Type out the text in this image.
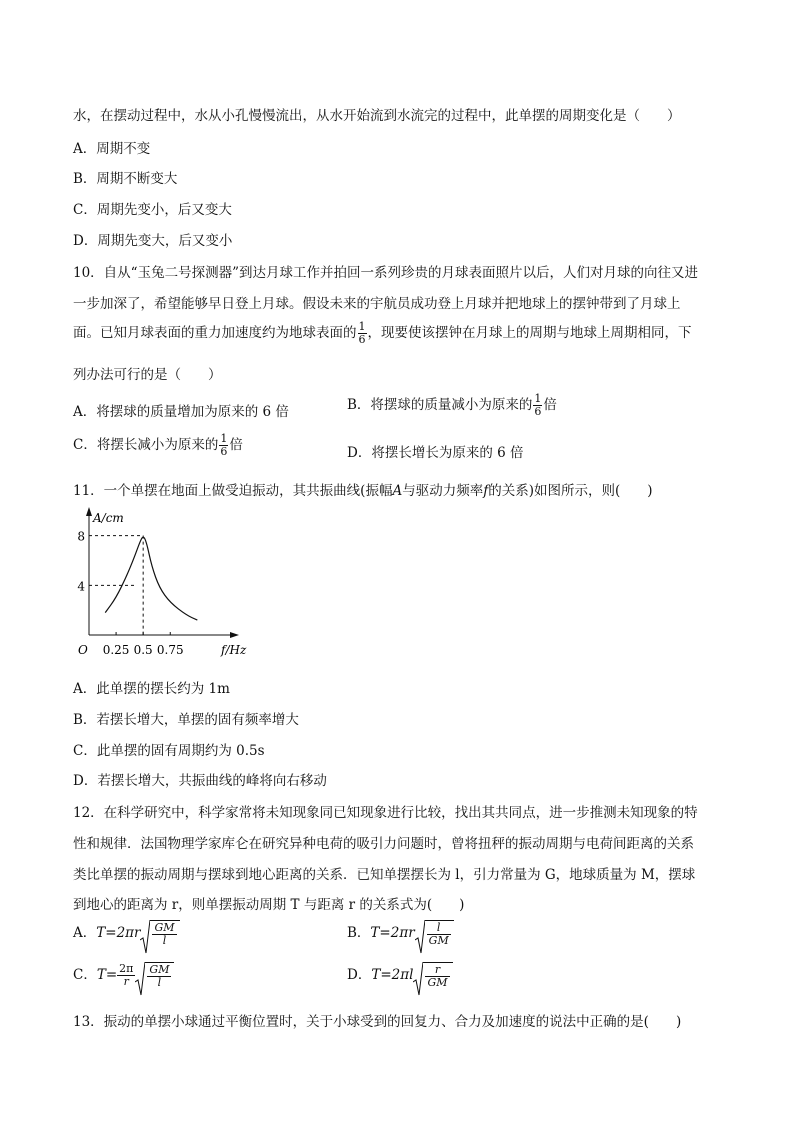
水，在摆动过程中，水从小孔慢慢流出，从水开始流到水流完的过程中，此单摆的周期变化是（　　）
A．周期不变
B．周期不断变大
C．周期先变小，后又变大
D．周期先变大，后又变小
10．自从“玉兔二号探测器”到达月球工作并拍回一系列珍贵的月球表面照片以后，人们对月球的向往又进
一步加深了，希望能够早日登上月球。假设未来的宇航员成功登上月球并把地球上的摆钟带到了月球上
面。已知月球表面的重力加速度约为地球表面的 $\frac{1}{6}$ ，现要使该摆钟在月球上的周期与地球上周期相同，下
列办法可行的是（　　）
A．将摆球的质量增加为原来的 6 倍	B．将摆球的质量减小为原来的 $\frac{1}{6}$ 倍
C．将摆长减小为原来的 $\frac{1}{6}$ 倍	D．将摆长增长为原来的 6 倍
11．一个单摆在地面上做受迫振动，其共振曲线(振幅A与驱动力频率f的关系)如图所示，则(　　)
A/cm
f/Hz
O 0.25 0.5 0.75
4
8
A．此单摆的摆长约为 1m
B．若摆长增大，单摆的固有频率增大
C．此单摆的固有周期约为 0.5s
D．若摆长增大，共振曲线的峰将向右移动
12．在科学研究中，科学家常将未知现象同已知现象进行比较，找出其共同点，进一步推测未知现象的特
性和规律．法国物理学家库仑在研究异种电荷的吸引力问题时，曾将扭秤的振动周期与电荷间距离的关系
类比单摆的振动周期与摆球到地心距离的关系．已知单摆摆长为 l，引力常量为 G，地球质量为 M，摆球
到地心的距离为 r，则单摆振动周期 T 与距离 r 的关系式为(　　)
A．$T=2\pi r \frac{GM}{l}$	B．$T=2\pi r \frac{l}{GM}$
C．$T= \frac{2\pi}{r} \frac{GM}{l}$	D．$T=2\pi l \frac{r}{GM}$
13．振动的单摆小球通过平衡位置时，关于小球受到的回复力、合力及加速度的说法中正确的是(　　)
